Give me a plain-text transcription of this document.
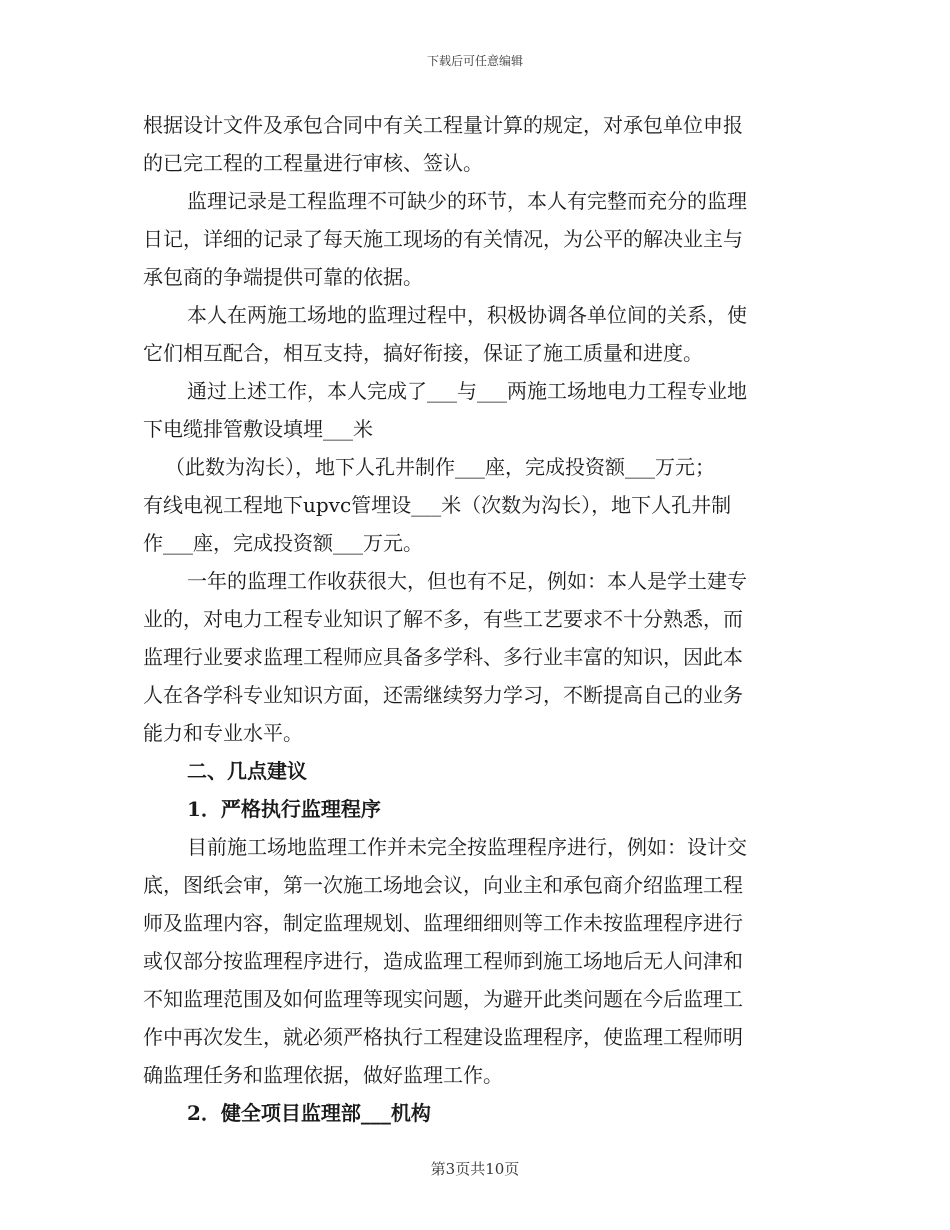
下载后可任意编辑
根据设计文件及承包合同中有关工程量计算的规定，对承包单位申报
的已完工程的工程量进行审核、签认。
监理记录是工程监理不可缺少的环节，本人有完整而充分的监理
日记，详细的记录了每天施工现场的有关情况，为公平的解决业主与
承包商的争端提供可靠的依据。
本人在两施工场地的监理过程中，积极协调各单位间的关系，使
它们相互配合，相互支持，搞好衔接，保证了施工质量和进度。
通过上述工作，本人完成了___与___两施工场地电力工程专业地
下电缆排管敷设填埋___米
（此数为沟长），地下人孔井制作___座，完成投资额___万元；
有线电视工程地下upvc管埋设___米（次数为沟长），地下人孔井制
作___座，完成投资额___万元。
一年的监理工作收获很大，但也有不足，例如：本人是学土建专
业的，对电力工程专业知识了解不多，有些工艺要求不十分熟悉，而
监理行业要求监理工程师应具备多学科、多行业丰富的知识，因此本
人在各学科专业知识方面，还需继续努力学习，不断提高自己的业务
能力和专业水平。
二、几点建议
1．严格执行监理程序
目前施工场地监理工作并未完全按监理程序进行，例如：设计交
底，图纸会审，第一次施工场地会议，向业主和承包商介绍监理工程
师及监理内容，制定监理规划、监理细细则等工作未按监理程序进行
或仅部分按监理程序进行，造成监理工程师到施工场地后无人问津和
不知监理范围及如何监理等现实问题，为避开此类问题在今后监理工
作中再次发生，就必须严格执行工程建设监理程序，使监理工程师明
确监理任务和监理依据，做好监理工作。
2．健全项目监理部___机构
第3页共10页
